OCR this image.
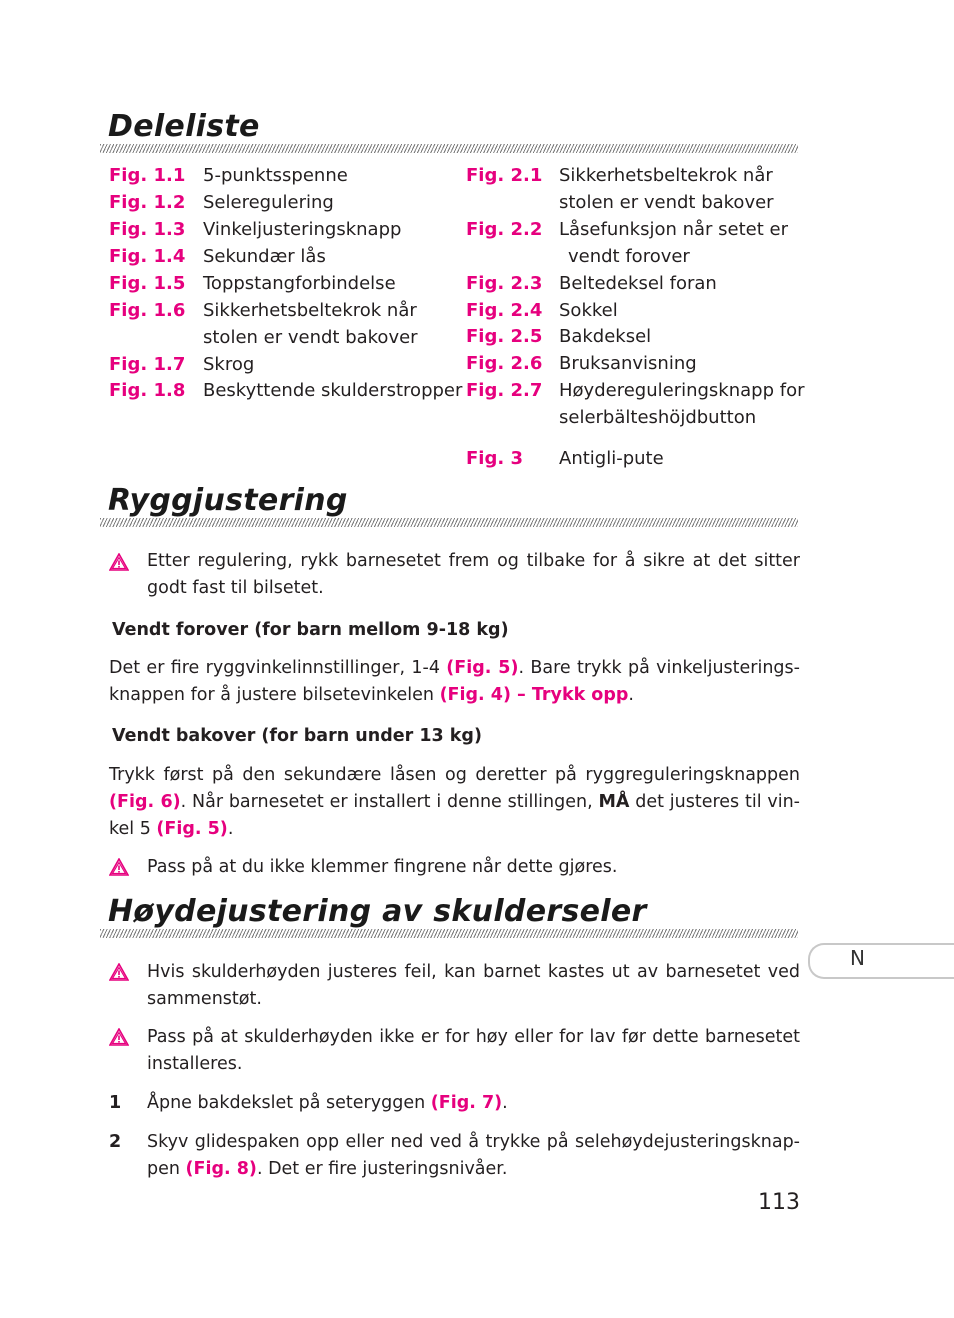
Deleliste
Fig. 1.1 5-punktsspenne
Fig. 1.2 Seleregulering
Fig. 1.3 Vinkeljusteringsknapp
Fig. 1.4 Sekundær lås
Fig. 1.5 Toppstangforbindelse
Fig. 1.6 Sikkerhetsbeltekrok når
stolen er vendt bakover
Fig. 1.7 Skrog
Fig. 1.8 Beskyttende skulderstropper
Fig. 2.1 Sikkerhetsbeltekrok når
stolen er vendt bakover
Fig. 2.2 Låsefunksjon når setet er
vendt forover
Fig. 2.3 Beltedeksel foran
Fig. 2.4 Sokkel
Fig. 2.5 Bakdeksel
Fig. 2.6 Bruksanvisning
Fig. 2.7 Høydereguleringsknapp for
selerbälteshöjdbutton
Fig. 3 Antigli-pute
Ryggjustering

Etter regulering, rykk barnesetet frem og tilbake for å sikre at det sitter godt fast til bilsetet.

Vendt forover (for barn mellom 9-18 kg)

Det er fire ryggvinkelinnstillinger, 1-4 (Fig. 5). Bare trykk på vinkeljusterings-knappen for å justere bilsetevinkelen (Fig. 4) – Trykk opp.

Vendt bakover (for barn under 13 kg)

Trykk først på den sekundære låsen og deretter på ryggreguleringsknappen (Fig. 6). Når barnesetet er installert i denne stillingen, MÅ det justeres til vin-kel 5 (Fig. 5).

Pass på at du ikke klemmer fingrene når dette gjøres.

Høydejustering av skulderseler
N

Hvis skulderhøyden justeres feil, kan barnet kastes ut av barnesetet ved sammenstøt.

Pass på at skulderhøyden ikke er for høy eller for lav før dette barnesetet installeres.

1 Åpne bakdekslet på seteryggen (Fig. 7).

2 Skyv glidespaken opp eller ned ved å trykke på selehøydejusteringsknap-pen (Fig. 8). Det er fire justeringsnivåer.

113
